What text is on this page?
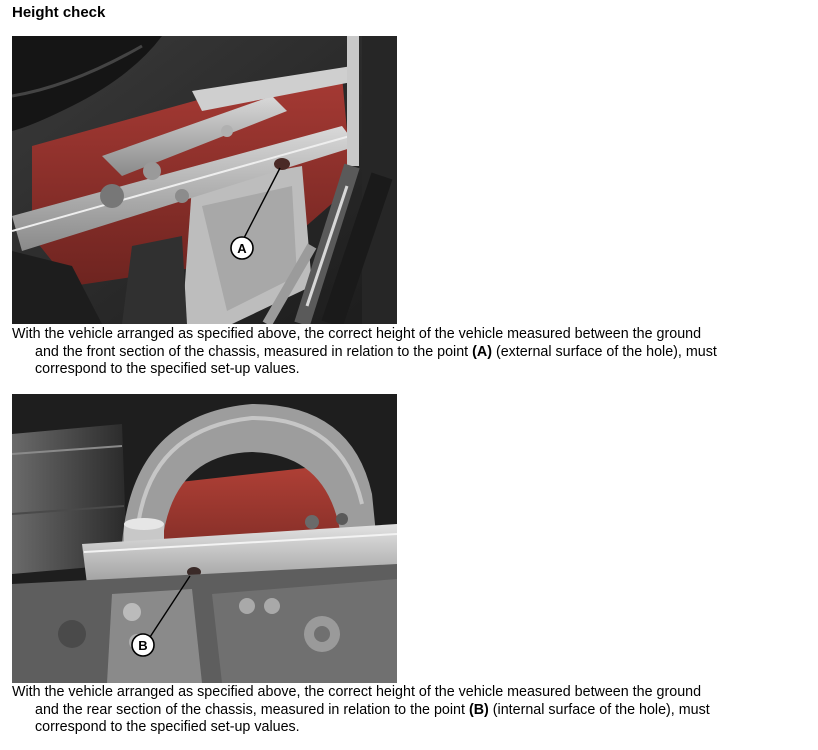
Height check
A
With the vehicle arranged as specified above, the correct height of the vehicle measured between the ground
and the front section of the chassis, measured in relation to the point (A) (external surface of the hole), must
correspond to the specified set-up values.
B
With the vehicle arranged as specified above, the correct height of the vehicle measured between the ground
and the rear section of the chassis, measured in relation to the point (B) (internal surface of the hole), must
correspond to the specified set-up values.
